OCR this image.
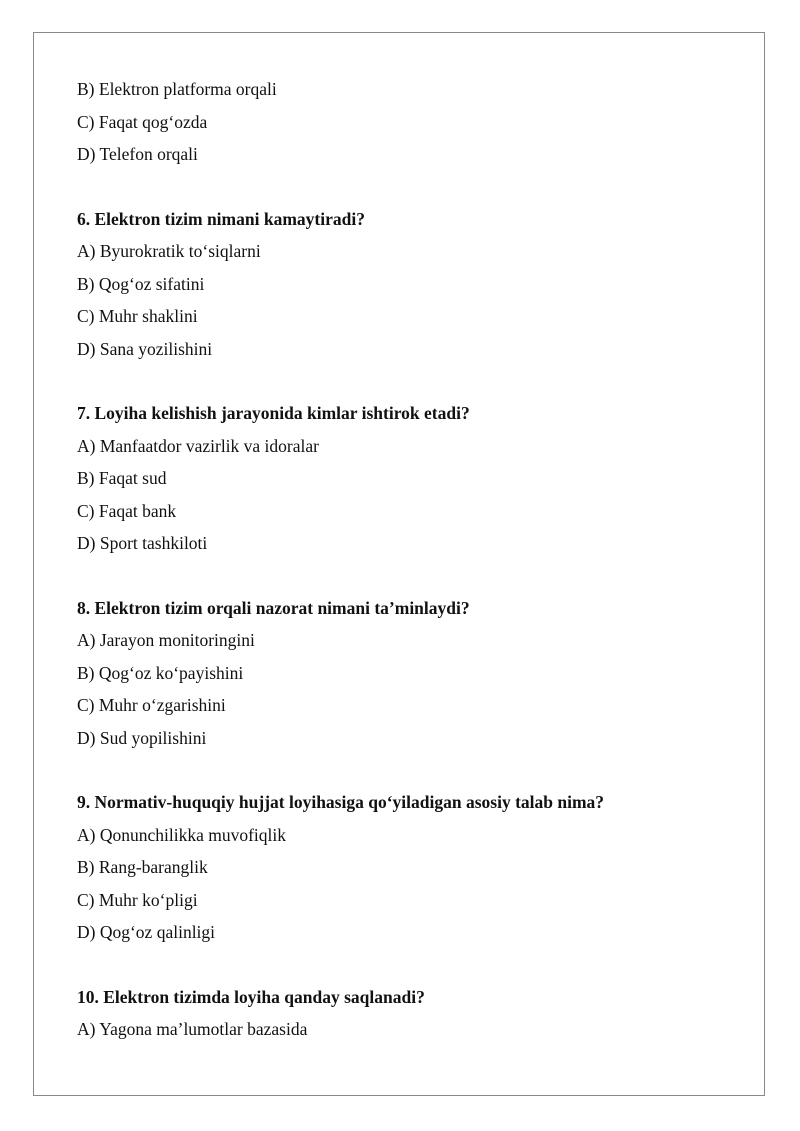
B) Elektron platforma orqali
C) Faqat qog‘ozda
D) Telefon orqali
6. Elektron tizim nimani kamaytiradi?
A) Byurokratik to‘siqlarni
B) Qog‘oz sifatini
C) Muhr shaklini
D) Sana yozilishini
7. Loyiha kelishish jarayonida kimlar ishtirok etadi?
A) Manfaatdor vazirlik va idoralar
B) Faqat sud
C) Faqat bank
D) Sport tashkiloti
8. Elektron tizim orqali nazorat nimani ta’minlaydi?
A) Jarayon monitoringini
B) Qog‘oz ko‘payishini
C) Muhr o‘zgarishini
D) Sud yopilishini
9. Normativ-huquqiy hujjat loyihasiga qo‘yiladigan asosiy talab nima?
A) Qonunchilikka muvofiqlik
B) Rang-baranglik
C) Muhr ko‘pligi
D) Qog‘oz qalinligi
10. Elektron tizimda loyiha qanday saqlanadi?
A) Yagona ma’lumotlar bazasida
